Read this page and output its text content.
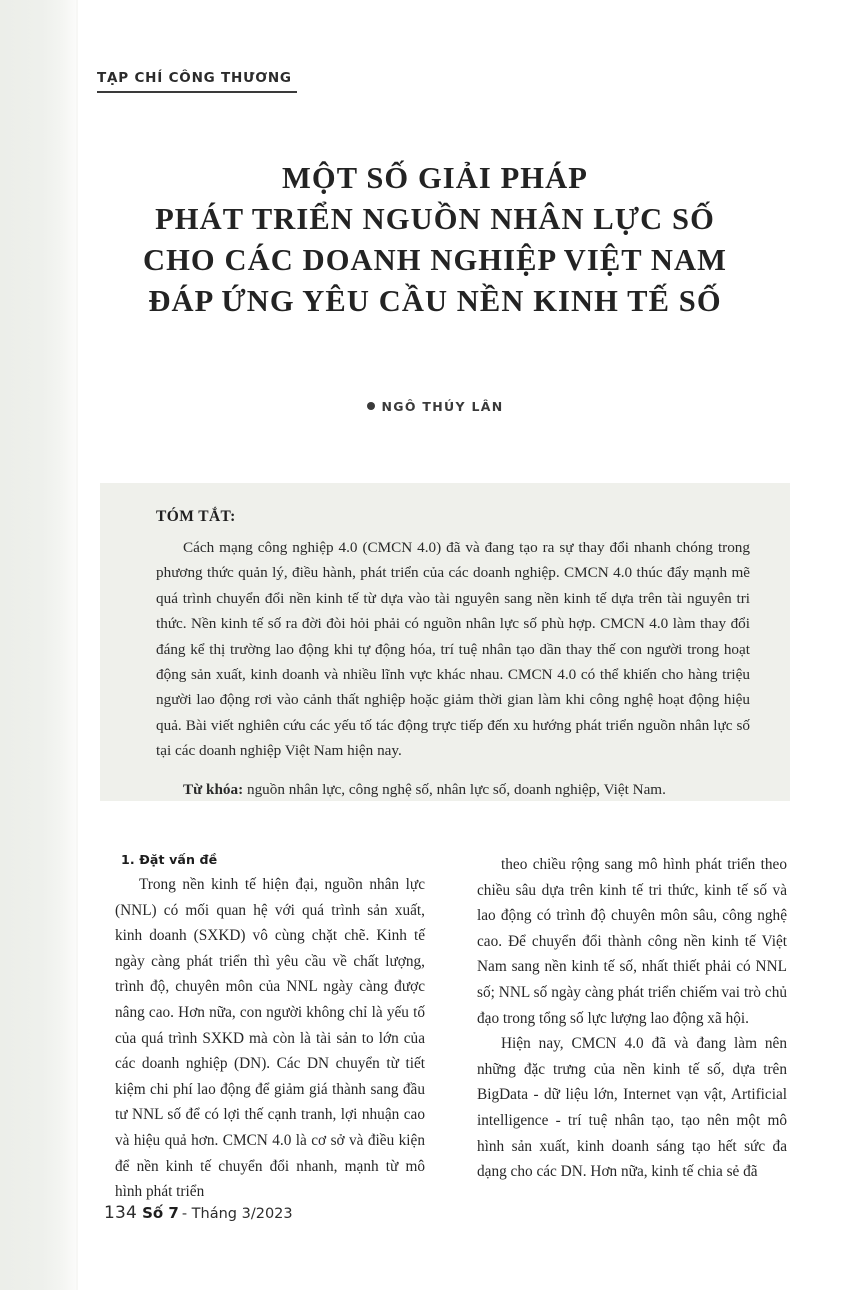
TẠP CHÍ CÔNG THƯƠNG
MỘT SỐ GIẢI PHÁP
PHÁT TRIỂN NGUỒN NHÂN LỰC SỐ
CHO CÁC DOANH NGHIỆP VIỆT NAM
ĐÁP ỨNG YÊU CẦU NỀN KINH TẾ SỐ
NGÔ THÚY LÂN
TÓM TẮT:

Cách mạng công nghiệp 4.0 (CMCN 4.0) đã và đang tạo ra sự thay đổi nhanh chóng trong phương thức quản lý, điều hành, phát triển của các doanh nghiệp. CMCN 4.0 thúc đẩy mạnh mẽ quá trình chuyển đổi nền kinh tế từ dựa vào tài nguyên sang nền kinh tế dựa trên tài nguyên tri thức. Nền kinh tế số ra đời đòi hỏi phải có nguồn nhân lực số phù hợp. CMCN 4.0 làm thay đổi đáng kể thị trường lao động khi tự động hóa, trí tuệ nhân tạo dần thay thế con người trong hoạt động sản xuất, kinh doanh và nhiều lĩnh vực khác nhau. CMCN 4.0 có thể khiến cho hàng triệu người lao động rơi vào cảnh thất nghiệp hoặc giảm thời gian làm khi công nghệ hoạt động hiệu quả. Bài viết nghiên cứu các yếu tố tác động trực tiếp đến xu hướng phát triển nguồn nhân lực số tại các doanh nghiệp Việt Nam hiện nay.

Từ khóa: nguồn nhân lực, công nghệ số, nhân lực số, doanh nghiệp, Việt Nam.

1. Đặt vấn đề

Trong nền kinh tế hiện đại, nguồn nhân lực (NNL) có mối quan hệ với quá trình sản xuất, kinh doanh (SXKD) vô cùng chặt chẽ. Kinh tế ngày càng phát triển thì yêu cầu về chất lượng, trình độ, chuyên môn của NNL ngày càng được nâng cao. Hơn nữa, con người không chỉ là yếu tố của quá trình SXKD mà còn là tài sản to lớn của các doanh nghiệp (DN). Các DN chuyển từ tiết kiệm chi phí lao động để giảm giá thành sang đầu tư NNL số để có lợi thế cạnh tranh, lợi nhuận cao và hiệu quả hơn. CMCN 4.0 là cơ sở và điều kiện để nền kinh tế chuyển đổi nhanh, mạnh từ mô hình phát triển

theo chiều rộng sang mô hình phát triển theo chiều sâu dựa trên kinh tế tri thức, kinh tế số và lao động có trình độ chuyên môn sâu, công nghệ cao. Để chuyển đổi thành công nền kinh tế Việt Nam sang nền kinh tế số, nhất thiết phải có NNL số; NNL số ngày càng phát triển chiếm vai trò chủ đạo trong tổng số lực lượng lao động xã hội.

Hiện nay, CMCN 4.0 đã và đang làm nên những đặc trưng của nền kinh tế số, dựa trên BigData - dữ liệu lớn, Internet vạn vật, Artificial intelligence - trí tuệ nhân tạo, tạo nên một mô hình sản xuất, kinh doanh sáng tạo hết sức đa dạng cho các DN. Hơn nữa, kinh tế chia sẻ đã

134 Số 7 - Tháng 3/2023
